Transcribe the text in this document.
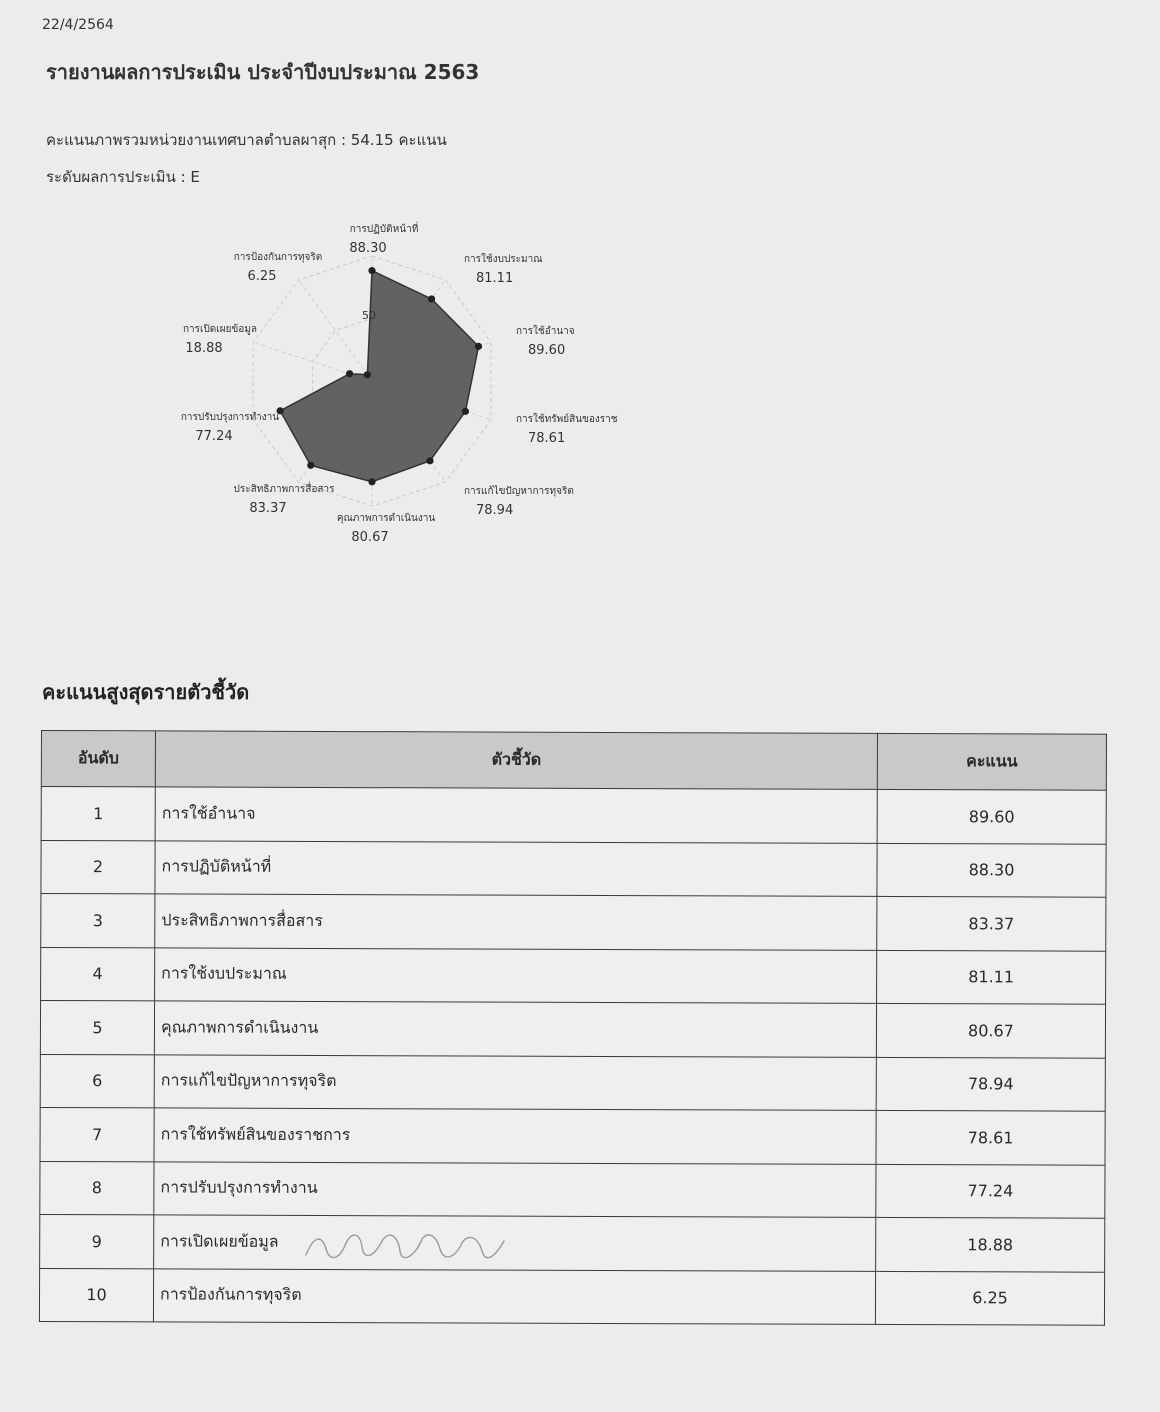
22/4/2564
รายงานผลการประเมิน ประจำปีงบประมาณ 2563
คะแนนภาพรวมหน่วยงานเทศบาลตำบลผาสุก : 54.15 คะแนน
ระดับผลการประเมิน : E
50
การปฏิบัติหน้าที่
88.30
การใช้งบประมาณ
81.11
การใช้อำนาจ
89.60
การใช้ทรัพย์สินของราช
78.61
การแก้ไขปัญหาการทุจริต
78.94
คุณภาพการดำเนินงาน
80.67
ประสิทธิภาพการสื่อสาร
83.37
การปรับปรุงการทำงาน
77.24
การเปิดเผยข้อมูล
18.88
การป้องกันการทุจริต
6.25
คะแนนสูงสุดรายตัวชี้วัด
อันดับ	ตัวชี้วัด	คะแนน
1	การใช้อำนาจ	89.60
2	การปฏิบัติหน้าที่	88.30
3	ประสิทธิภาพการสื่อสาร	83.37
4	การใช้งบประมาณ	81.11
5	คุณภาพการดำเนินงาน	80.67
6	การแก้ไขปัญหาการทุจริต	78.94
7	การใช้ทรัพย์สินของราชการ	78.61
8	การปรับปรุงการทำงาน	77.24
9	การเปิดเผยข้อมูล	18.88
10	การป้องกันการทุจริต	6.25
